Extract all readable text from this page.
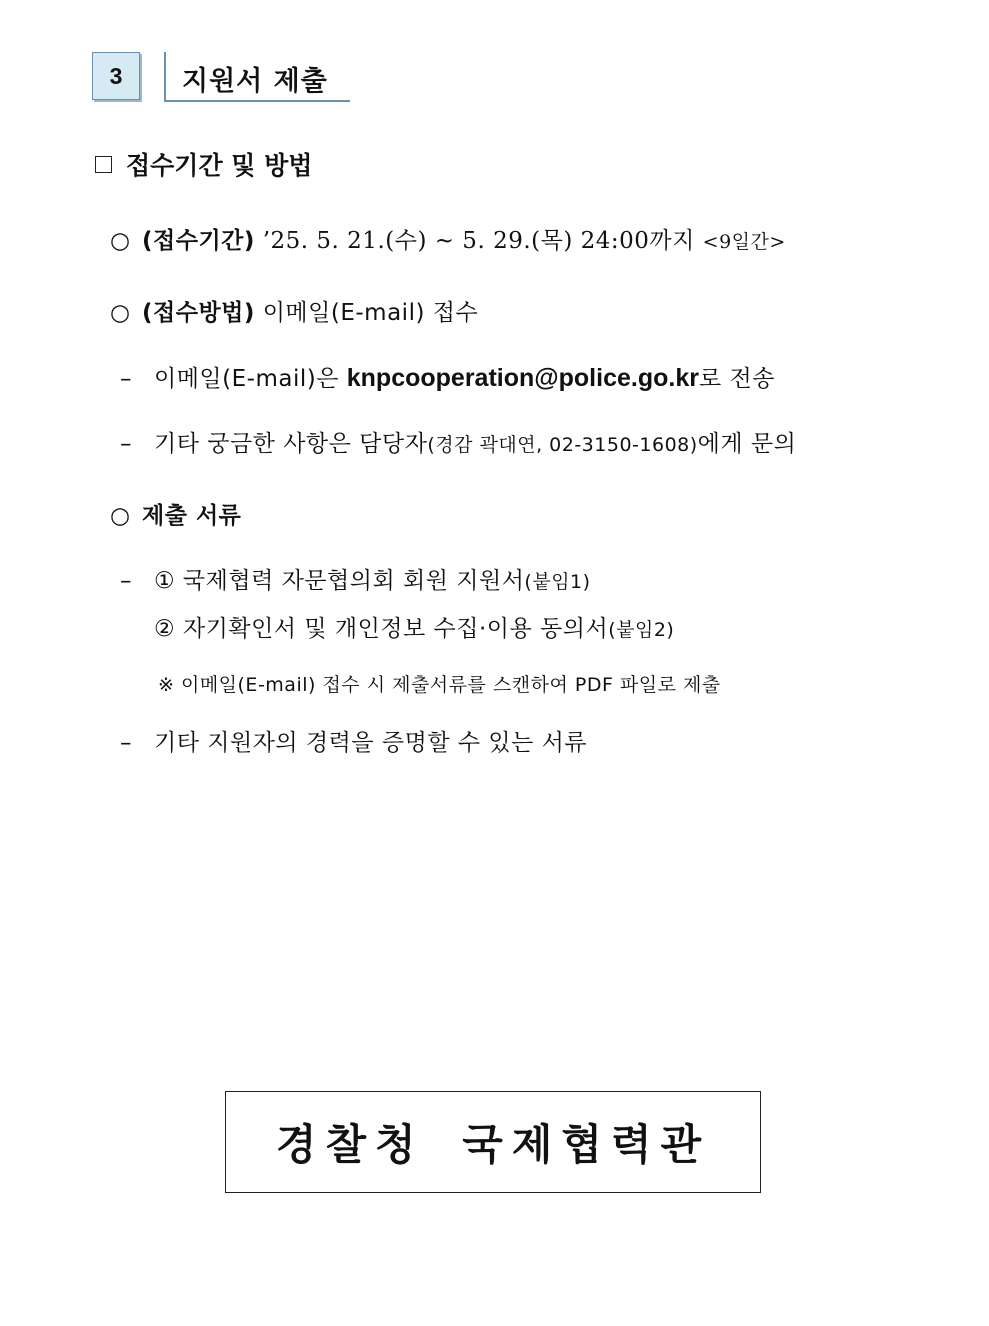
3	지원서 제출
접수기간 및 방법
○ (접수기간) ’25. 5. 21.(수) ~ 5. 29.(목) 24:00까지 <9일간>
○ (접수방법) 이메일(E-mail) 접수
– 이메일(E-mail)은 knpcooperation@police.go.kr로 전송
– 기타 궁금한 사항은 담당자(경감 곽대연, 02-3150-1608)에게 문의
○ 제출 서류
– ① 국제협력 자문협의회 회원 지원서(붙임1)
② 자기확인서 및 개인정보 수집·이용 동의서(붙임2)
※ 이메일(E-mail) 접수 시 제출서류를 스캔하여 PDF 파일로 제출
– 기타 지원자의 경력을 증명할 수 있는 서류
경찰청 국제협력관
